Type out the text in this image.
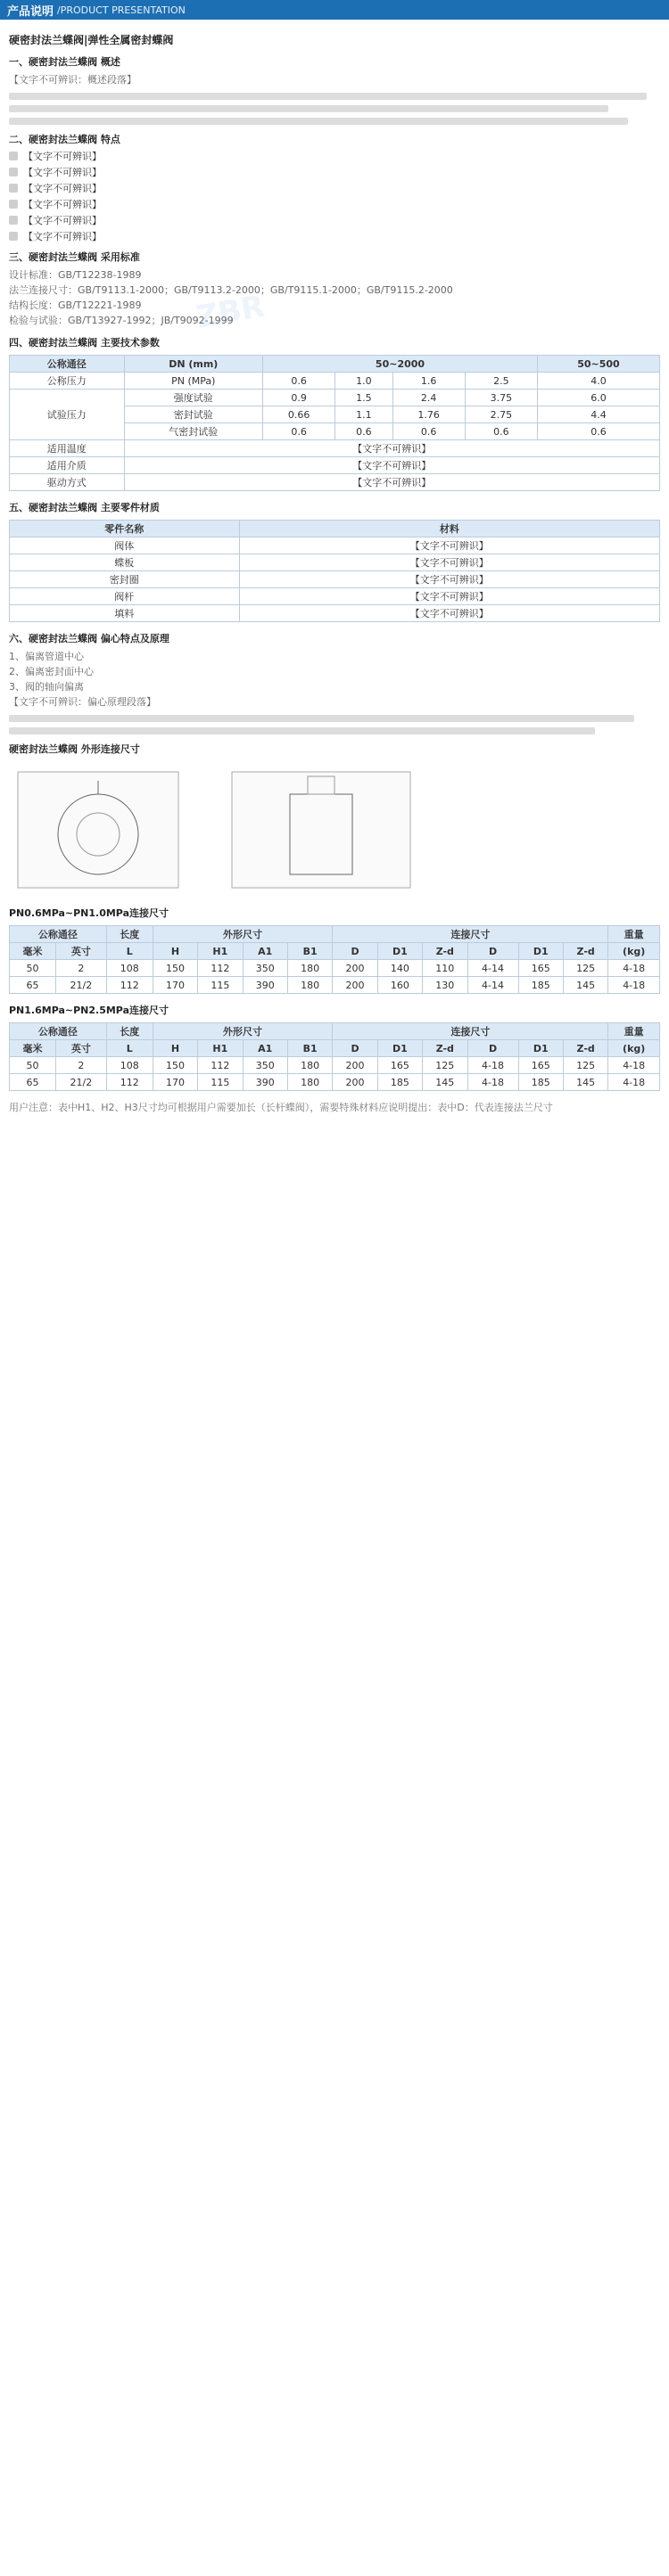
产品说明 /PRODUCT PRESENTATION
ZBR
硬密封法兰蝶阀|弹性全属密封蝶阀
一、硬密封法兰蝶阀 概述
【文字不可辨识：概述段落】
二、硬密封法兰蝶阀 特点
【文字不可辨识】
【文字不可辨识】
【文字不可辨识】
【文字不可辨识】
【文字不可辨识】
【文字不可辨识】
三、硬密封法兰蝶阀 采用标准
设计标准：GB/T12238-1989
法兰连接尺寸：GB/T9113.1-2000；GB/T9113.2-2000；GB/T9115.1-2000；GB/T9115.2-2000
结构长度：GB/T12221-1989
检验与试验：GB/T13927-1992；JB/T9092-1999
四、硬密封法兰蝶阀 主要技术参数
公称通径	DN (mm)	50~2000				50~500
公称压力	PN (MPa)	0.6	1.0	1.6	2.5	4.0
试验压力	强度试验	0.9	1.5	2.4	3.75	6.0
	密封试验	0.66	1.1	1.76	2.75	4.4
	气密封试验	0.6	0.6	0.6	0.6	0.6
适用温度	【文字不可辨识】					
适用介质	【文字不可辨识】					
驱动方式	【文字不可辨识】					
五、硬密封法兰蝶阀 主要零件材质
零件名称	材料
阀体	【文字不可辨识】
蝶板	【文字不可辨识】
密封圈	【文字不可辨识】
阀杆	【文字不可辨识】
填料	【文字不可辨识】
六、硬密封法兰蝶阀 偏心特点及原理
1、偏离管道中心
2、偏离密封面中心
3、阀的轴向偏离
【文字不可辨识：偏心原理段落】
硬密封法兰蝶阀 外形连接尺寸
PN0.6MPa~PN1.0MPa连接尺寸
公称通径		长度	外形尺寸				连接尺寸						重量
毫米	英寸	L	H	H1	A1	B1	D	D1	Z-d	D	D1	Z-d	(kg)
50	2	108	150	112	350	180	200	140	110	4-14	165	125	4-18
65	21/2	112	170	115	390	180	200	160	130	4-14	185	145	4-18
PN1.6MPa~PN2.5MPa连接尺寸
公称通径		长度	外形尺寸				连接尺寸						重量
毫米	英寸	L	H	H1	A1	B1	D	D1	Z-d	D	D1	Z-d	(kg)
50	2	108	150	112	350	180	200	165	125	4-18	165	125	4-18
65	21/2	112	170	115	390	180	200	185	145	4-18	185	145	4-18
用户注意：表中H1、H2、H3尺寸均可根据用户需要加长（长杆蝶阀），需要特殊材料应说明提出：表中D：代表连接法兰尺寸
